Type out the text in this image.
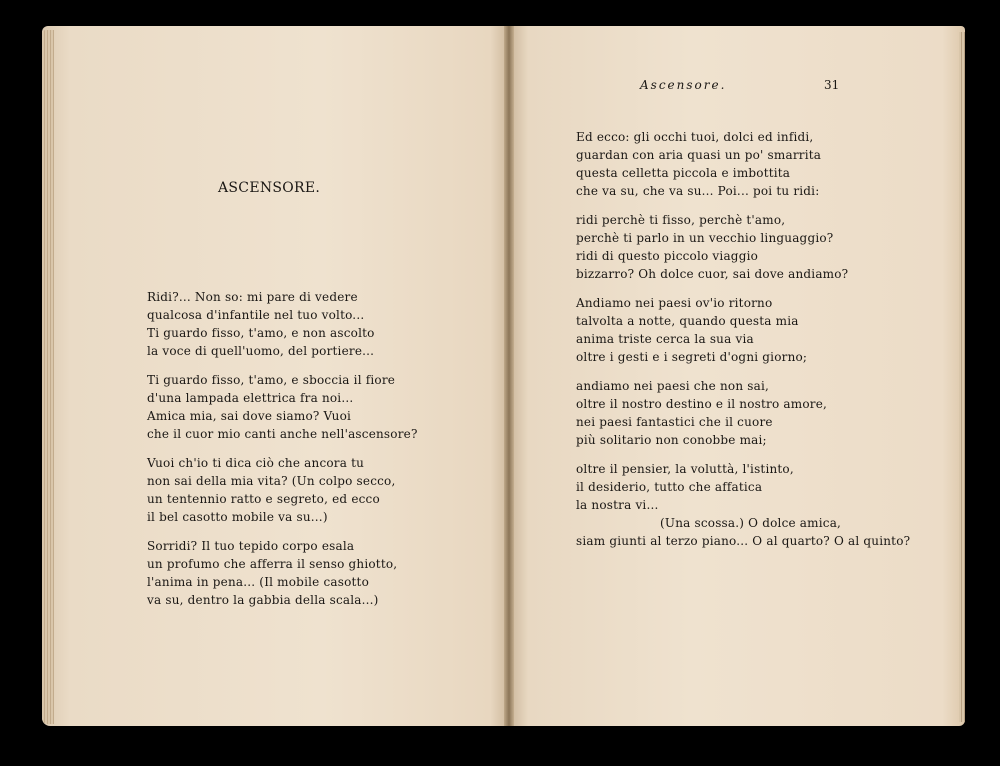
ASCENSORE.
Ridi?... Non so: mi pare di vedere
qualcosa d'infantile nel tuo volto...
Ti guardo fisso, t'amo, e non ascolto
la voce di quell'uomo, del portiere...
Ti guardo fisso, t'amo, e sboccia il fiore
d'una lampada elettrica fra noi...
Amica mia, sai dove siamo? Vuoi
che il cuor mio canti anche nell'ascensore?
Vuoi ch'io ti dica ciò che ancora tu
non sai della mia vita? (Un colpo secco,
un tentennio ratto e segreto, ed ecco
il bel casotto mobile va su...)
Sorridi? Il tuo tepido corpo esala
un profumo che afferra il senso ghiotto,
l'anima in pena... (Il mobile casotto
va su, dentro la gabbia della scala...)
Ascensore.	31
Ed ecco: gli occhi tuoi, dolci ed infidi,
guardan con aria quasi un po' smarrita
questa celletta piccola e imbottita
che va su, che va su... Poi... poi tu ridi:
ridi perchè ti fisso, perchè t'amo,
perchè ti parlo in un vecchio linguaggio?
ridi di questo piccolo viaggio
bizzarro? Oh dolce cuor, sai dove andiamo?
Andiamo nei paesi ov'io ritorno
talvolta a notte, quando questa mia
anima triste cerca la sua via
oltre i gesti e i segreti d'ogni giorno;
andiamo nei paesi che non sai,
oltre il nostro destino e il nostro amore,
nei paesi fantastici che il cuore
più solitario non conobbe mai;
oltre il pensier, la voluttà, l'istinto,
il desiderio, tutto che affatica
la nostra vi...
(Una scossa.) O dolce amica,
siam giunti al terzo piano... O al quarto? O al quinto?
